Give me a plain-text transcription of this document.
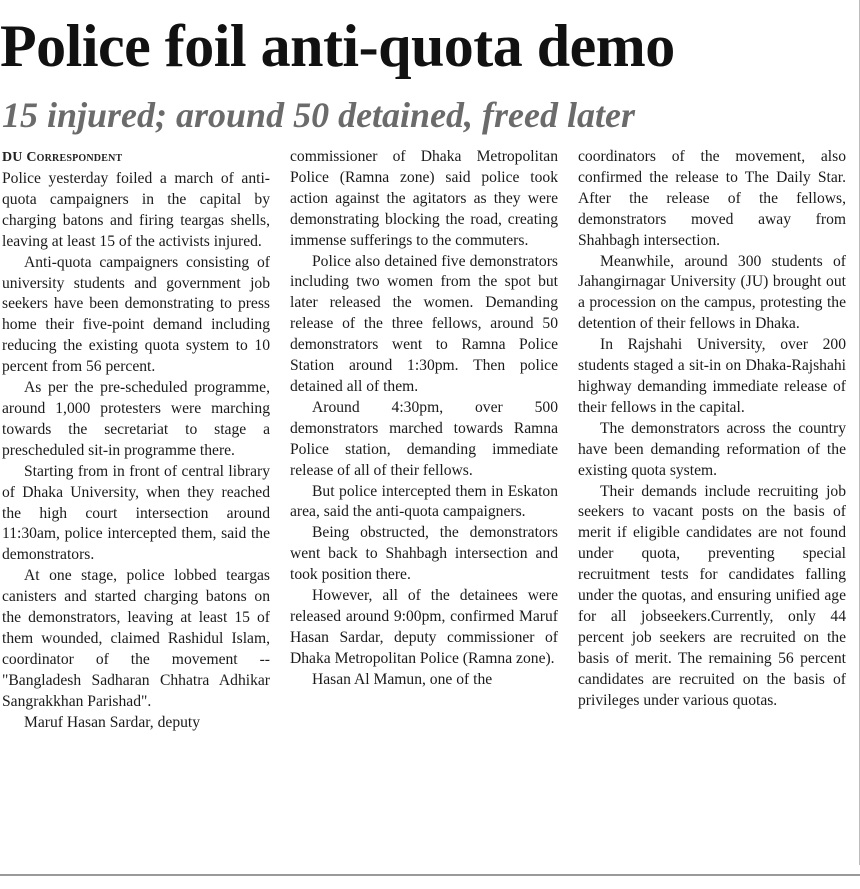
Police foil anti-quota demo
15 injured; around 50 detained, freed later

DU Correspondent

Police yesterday foiled a march of anti-quota campaigners in the capital by charging batons and firing teargas shells, leaving at least 15 of the activists injured.

Anti-quota campaigners consisting of university students and government job seekers have been demonstrating to press home their five-point demand including reducing the existing quota system to 10 percent from 56 percent.

As per the pre-scheduled programme, around 1,000 protesters were marching towards the secretariat to stage a prescheduled sit-in programme there.

Starting from in front of central library of Dhaka University, when they reached the high court intersection around 11:30am, police intercepted them, said the demonstrators.

At one stage, police lobbed teargas canisters and started charging batons on the demonstrators, leaving at least 15 of them wounded, claimed Rashidul Islam, coordinator of the movement -- "Bangladesh Sadharan Chhatra Adhikar Sangrakkhan Parishad".

Maruf Hasan Sardar, deputy

commissioner of Dhaka Metropolitan Police (Ramna zone) said police took action against the agitators as they were demonstrating blocking the road, creating immense sufferings to the commuters.

Police also detained five demonstrators including two women from the spot but later released the women. Demanding release of the three fellows, around 50 demonstrators went to Ramna Police Station around 1:30pm. Then police detained all of them.

Around 4:30pm, over 500 demonstrators marched towards Ramna Police station, demanding immediate release of all of their fellows.

But police intercepted them in Eskaton area, said the anti-quota campaigners.

Being obstructed, the demonstrators went back to Shahbagh intersection and took position there.

However, all of the detainees were released around 9:00pm, confirmed Maruf Hasan Sardar, deputy commissioner of Dhaka Metropolitan Police (Ramna zone).

Hasan Al Mamun, one of the

coordinators of the movement, also confirmed the release to The Daily Star. After the release of the fellows, demonstrators moved away from Shahbagh intersection.

Meanwhile, around 300 students of Jahangirnagar University (JU) brought out a procession on the campus, protesting the detention of their fellows in Dhaka.

In Rajshahi University, over 200 students staged a sit-in on Dhaka-Rajshahi highway demanding immediate release of their fellows in the capital.

The demonstrators across the country have been demanding reformation of the existing quota system.

Their demands include recruiting job seekers to vacant posts on the basis of merit if eligible candidates are not found under quota, preventing special recruitment tests for candidates falling under the quotas, and ensuring unified age for all jobseekers.Currently, only 44 percent job seekers are recruited on the basis of merit. The remaining 56 percent candidates are recruited on the basis of privileges under various quotas.
